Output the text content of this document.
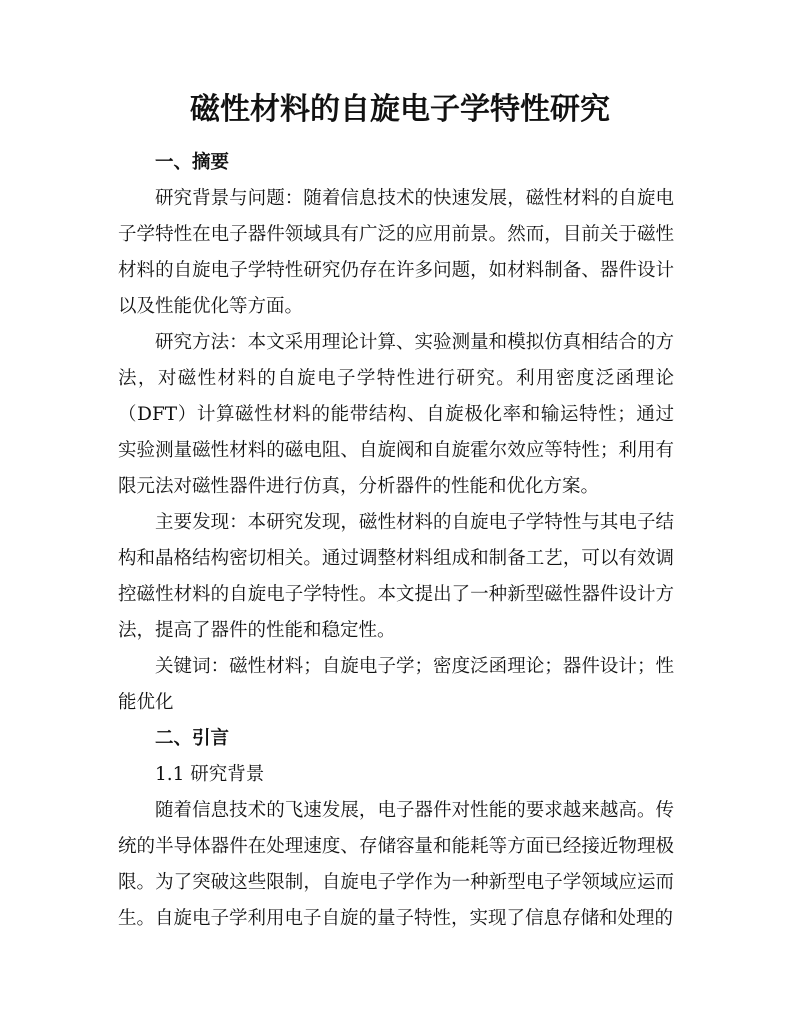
磁性材料的自旋电子学特性研究
一、摘要

研究背景与问题：随着信息技术的快速发展，磁性材料的自旋电子学特性在电子器件领域具有广泛的应用前景。然而，目前关于磁性材料的自旋电子学特性研究仍存在许多问题，如材料制备、器件设计以及性能优化等方面。

研究方法：本文采用理论计算、实验测量和模拟仿真相结合的方法，对磁性材料的自旋电子学特性进行研究。利用密度泛函理论（DFT）计算磁性材料的能带结构、自旋极化率和输运特性；通过实验测量磁性材料的磁电阻、自旋阀和自旋霍尔效应等特性；利用有限元法对磁性器件进行仿真，分析器件的性能和优化方案。

主要发现：本研究发现，磁性材料的自旋电子学特性与其电子结构和晶格结构密切相关。通过调整材料组成和制备工艺，可以有效调控磁性材料的自旋电子学特性。本文提出了一种新型磁性器件设计方法，提高了器件的性能和稳定性。

关键词：磁性材料；自旋电子学；密度泛函理论；器件设计；性能优化

二、引言

1.1 研究背景

随着信息技术的飞速发展，电子器件对性能的要求越来越高。传统的半导体器件在处理速度、存储容量和能耗等方面已经接近物理极限。为了突破这些限制，自旋电子学作为一种新型电子学领域应运而生。自旋电子学利用电子自旋的量子特性，实现了信息存储和处理的
